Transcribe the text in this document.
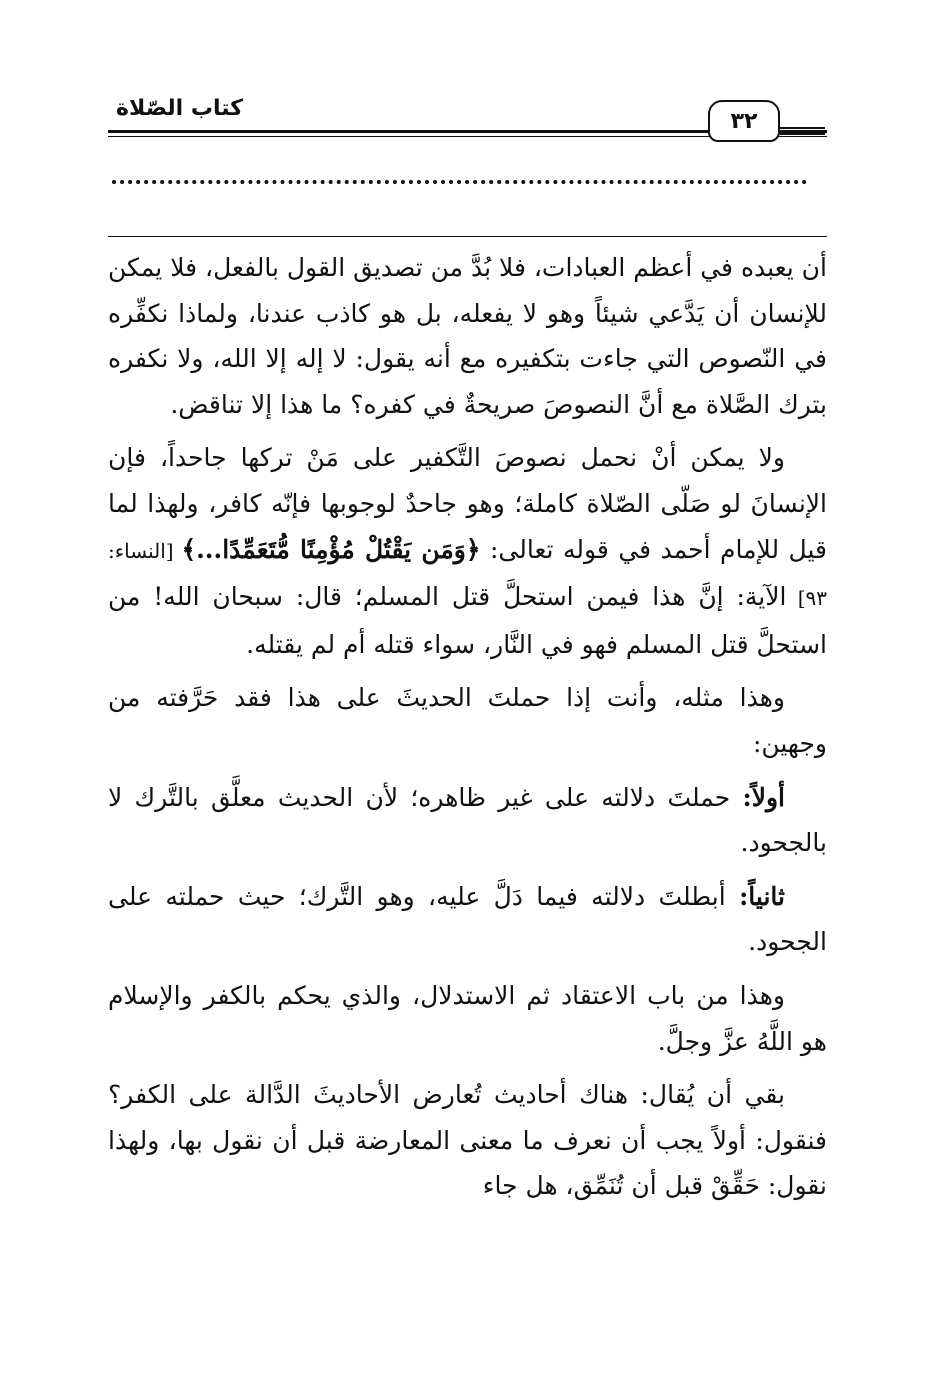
كتاب الصّلاة	٣٢

أن يعبده في أعظم العبادات، فلا بُدَّ من تصديق القول بالفعل، فلا يمكن للإنسان أن يَدَّعي شيئاً وهو لا يفعله، بل هو كاذب عندنا، ولماذا نكفِّره في النّصوص التي جاءت بتكفيره مع أنه يقول: لا إله إلا الله، ولا نكفره بترك الصَّلاة مع أنَّ النصوصَ صريحةٌ في كفره؟ ما هذا إلا تناقض.

ولا يمكن أنْ نحمل نصوصَ التَّكفير على مَنْ تركها جاحداً، فإن الإنسانَ لو صَلّى الصّلاة كاملة؛ وهو جاحدٌ لوجوبها فإنّه كافر، ولهذا لما قيل للإمام أحمد في قوله تعالى: ﴿وَمَن يَقْتُلْ مُؤْمِنًا مُّتَعَمِّدًا...﴾ [النساء: ٩٣] الآية: إنَّ هذا فيمن استحلَّ قتل المسلم؛ قال: سبحان الله! من استحلَّ قتل المسلم فهو في النَّار، سواء قتله أم لم يقتله.

وهذا مثله، وأنت إذا حملتَ الحديثَ على هذا فقد حَرَّفته من وجهين:

أولاً: حملتَ دلالته على غير ظاهره؛ لأن الحديث معلَّق بالتَّرك لا بالجحود.

ثانياً: أبطلتَ دلالته فيما دَلَّ عليه، وهو التَّرك؛ حيث حملته على الجحود.

وهذا من باب الاعتقاد ثم الاستدلال، والذي يحكم بالكفر والإسلام هو اللَّهُ عزَّ وجلَّ.

بقي أن يُقال: هناك أحاديث تُعارض الأحاديثَ الدَّالة على الكفر؟ فنقول: أولاً يجب أن نعرف ما معنى المعارضة قبل أن نقول بها، ولهذا نقول: حَقِّقْ قبل أن تُنَمِّق، هل جاء
